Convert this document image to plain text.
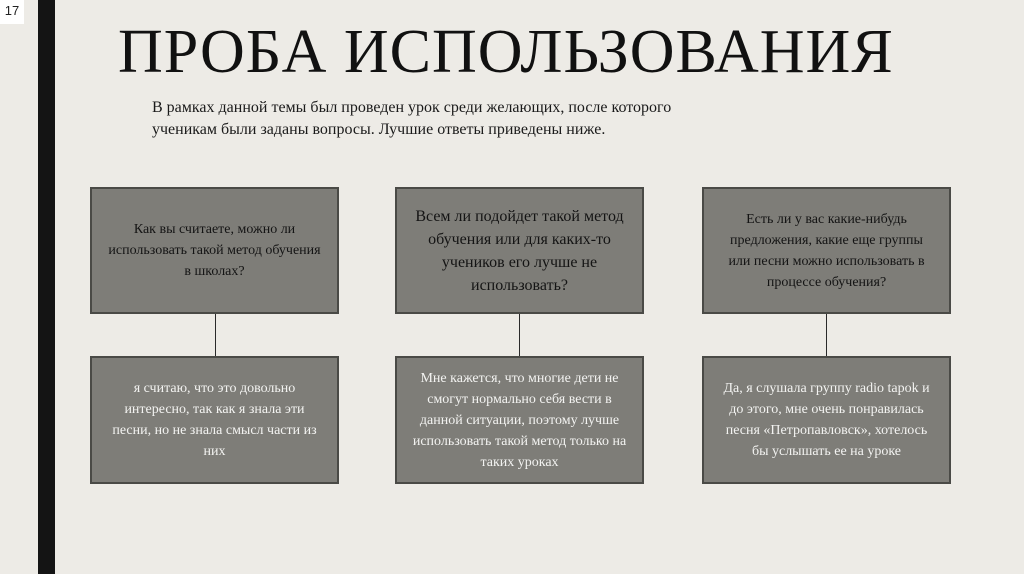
17
ПРОБА ИСПОЛЬЗОВАНИЯ
В рамках данной темы был проведен урок среди желающих, после которого ученикам были заданы вопросы. Лучшие ответы приведены ниже.
Как вы считаете, можно ли использовать такой метод обучения в школах?
я считаю, что это довольно интересно, так как я знала эти песни, но не знала смысл части из них
Всем ли подойдет такой метод обучения или для каких-то учеников его лучше не использовать?
Мне кажется, что многие дети не смогут нормально себя вести в данной ситуации, поэтому лучше использовать такой метод только на таких уроках
Есть ли у вас какие-нибудь предложения, какие еще группы или песни можно использовать в процессе обучения?
Да, я слушала группу radio tapok и до этого, мне очень понравилась песня «Петропавловск», хотелось бы услышать ее на уроке
